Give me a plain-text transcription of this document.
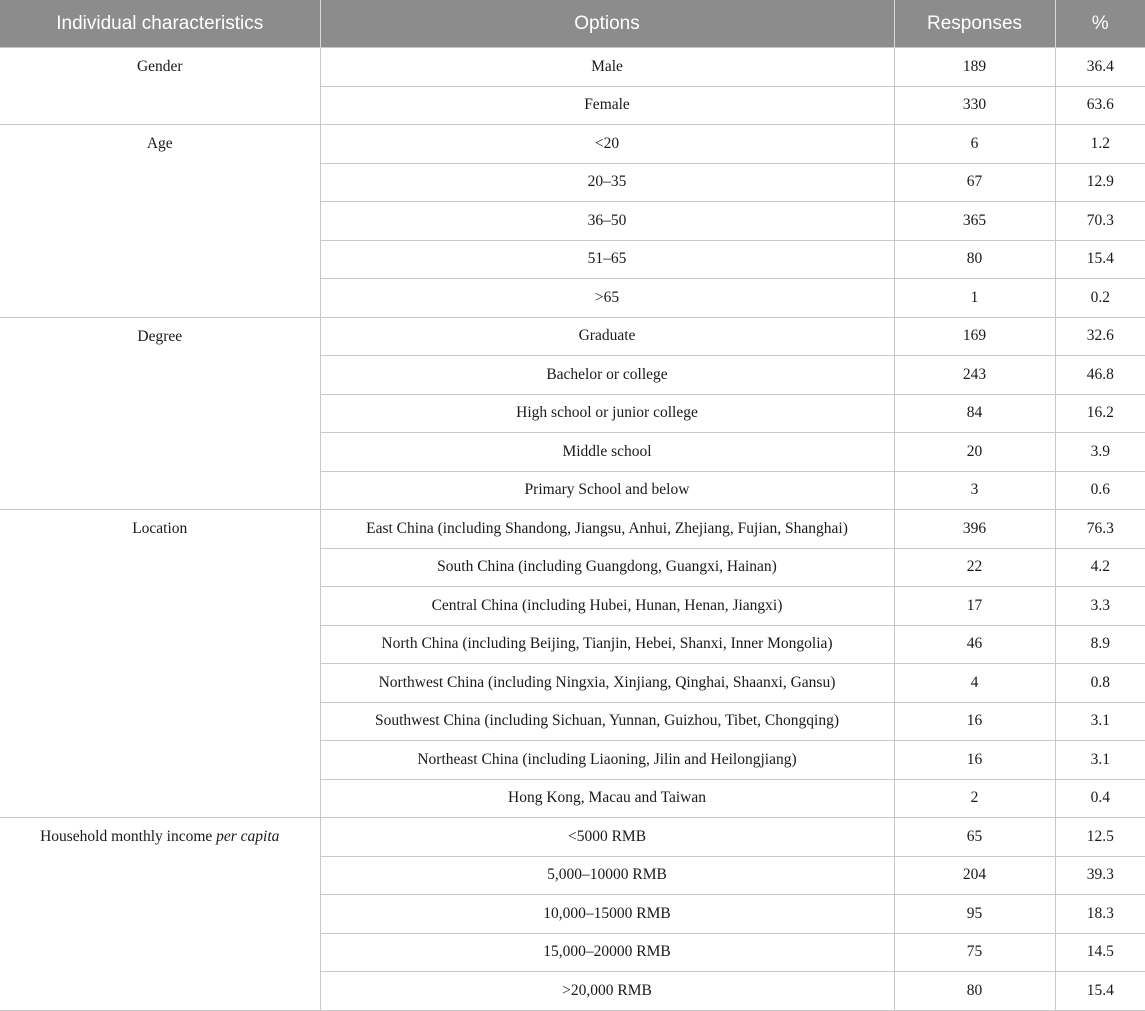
Individual characteristics	Options	Responses	%
Gender	Male	189	36.4
	Female	330	63.6
Age	<20	6	1.2
	20–35	67	12.9
	36–50	365	70.3
	51–65	80	15.4
	>65	1	0.2
Degree	Graduate	169	32.6
	Bachelor or college	243	46.8
	High school or junior college	84	16.2
	Middle school	20	3.9
	Primary School and below	3	0.6
Location	East China (including Shandong, Jiangsu, Anhui, Zhejiang, Fujian, Shanghai)	396	76.3
	South China (including Guangdong, Guangxi, Hainan)	22	4.2
	Central China (including Hubei, Hunan, Henan, Jiangxi)	17	3.3
	North China (including Beijing, Tianjin, Hebei, Shanxi, Inner Mongolia)	46	8.9
	Northwest China (including Ningxia, Xinjiang, Qinghai, Shaanxi, Gansu)	4	0.8
	Southwest China (including Sichuan, Yunnan, Guizhou, Tibet, Chongqing)	16	3.1
	Northeast China (including Liaoning, Jilin and Heilongjiang)	16	3.1
	Hong Kong, Macau and Taiwan	2	0.4
Household monthly income per capita	<5000 RMB	65	12.5
	5,000–10000 RMB	204	39.3
	10,000–15000 RMB	95	18.3
	15,000–20000 RMB	75	14.5
	>20,000 RMB	80	15.4
